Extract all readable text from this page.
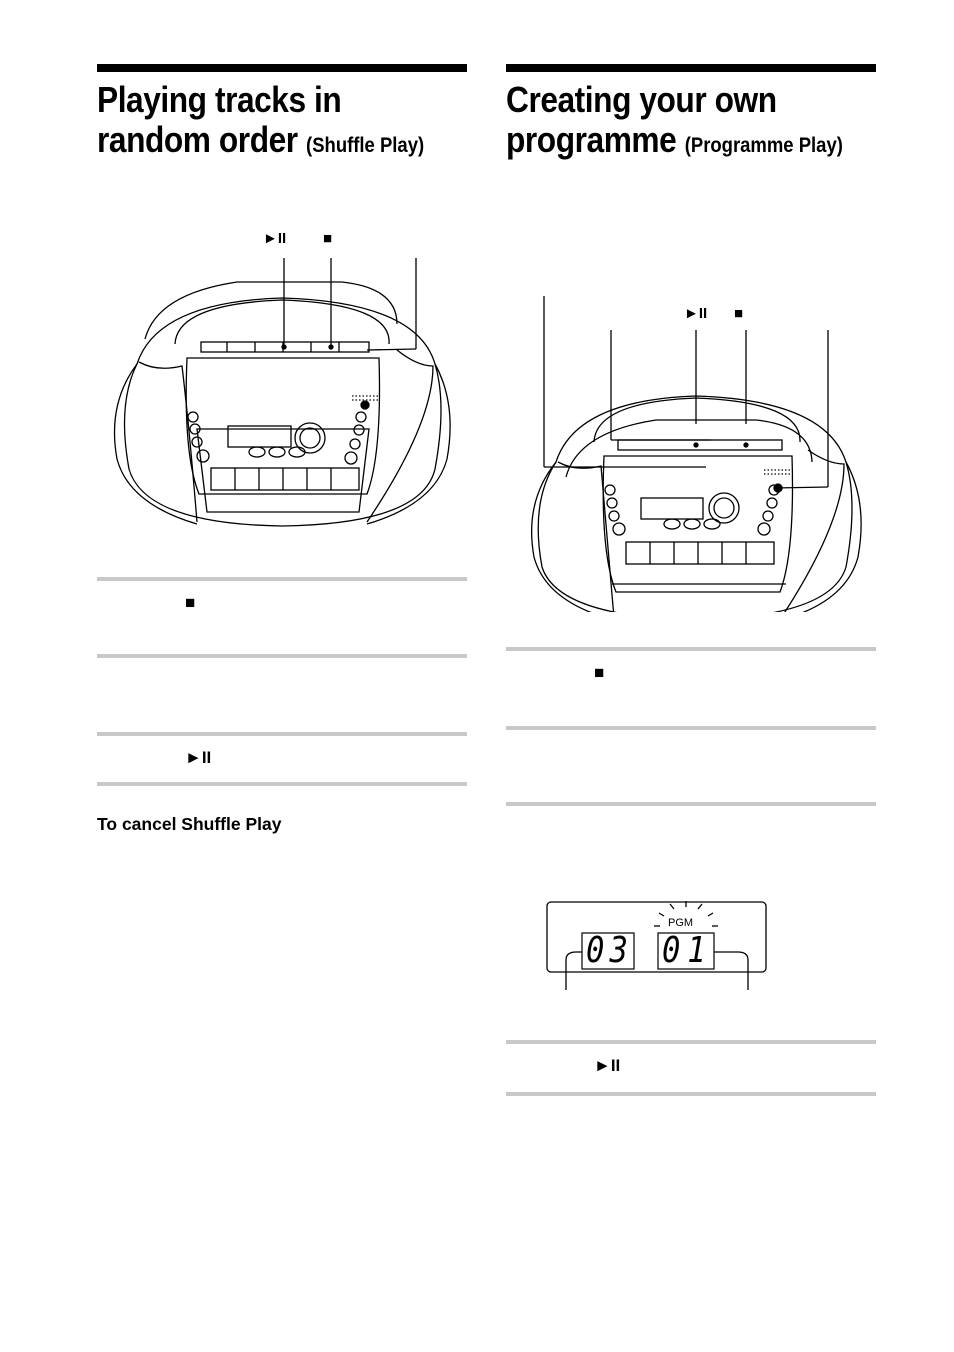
Playing tracks in
random order (Shuffle Play)
►II ■
■
►II
To cancel Shuffle Play
Creating your own
programme (Programme Play)
►II ■
■
PGM
03 01
►II
